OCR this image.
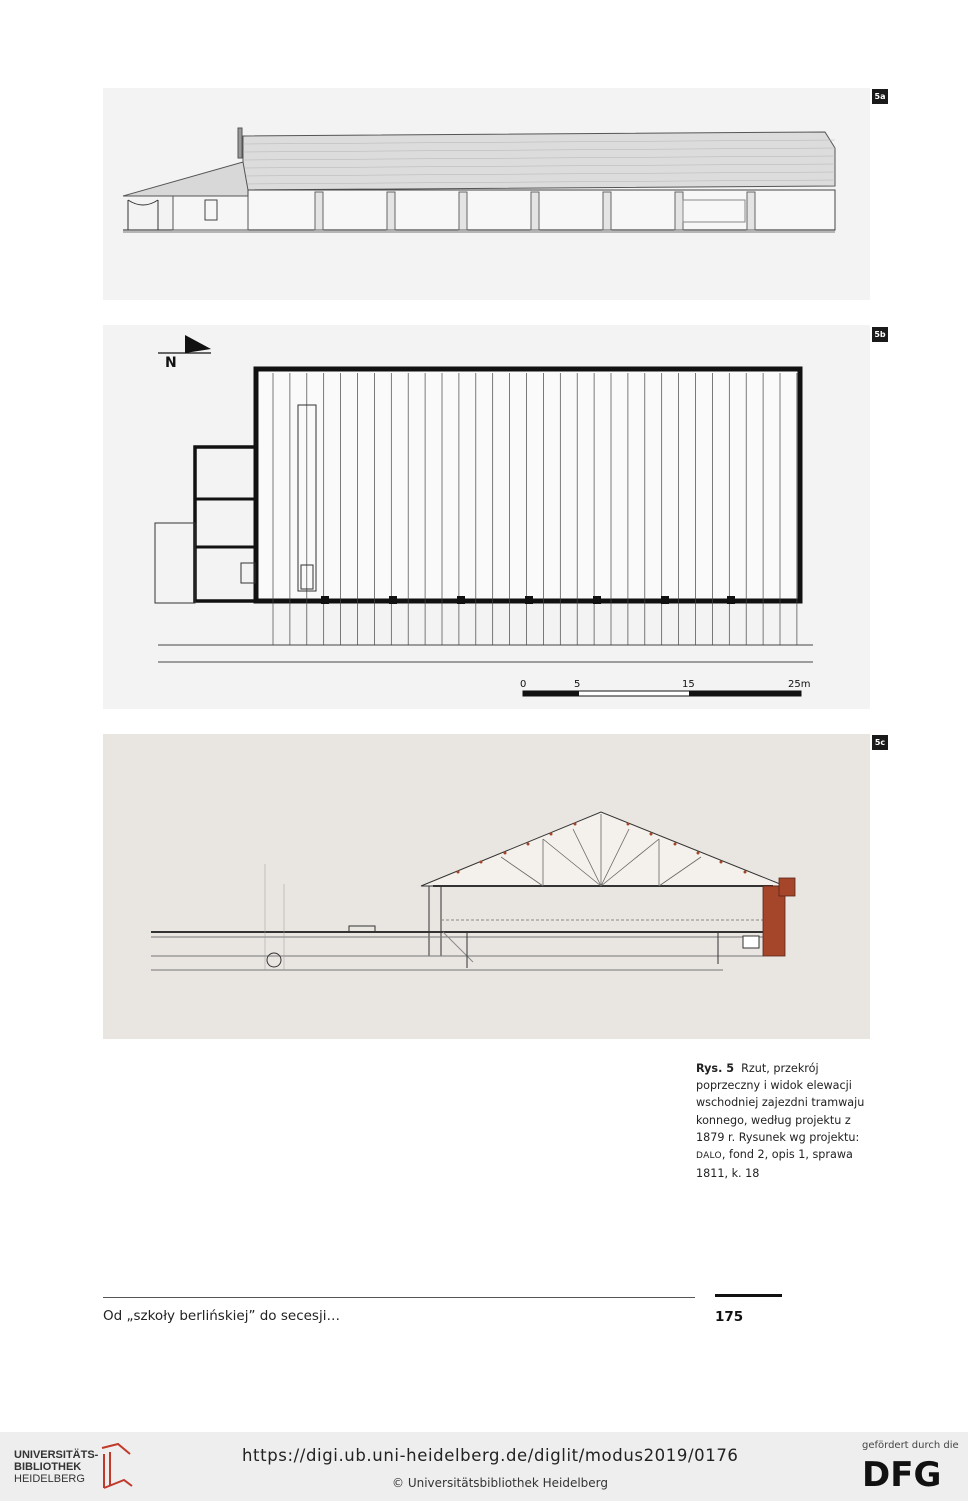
5a
N
0	5	15	25m
5b
5c
Rys. 5 Rzut, przekrój poprzeczny i widok elewacji wschodniej zajezdni tramwaju konnego, według projektu z 1879 r. Rysunek wg projektu: DALO, fond 2, opis 1, sprawa 1811, k. 18
Od „szkoły berlińskiej” do secesji…	175
UNIVERSITÄTS-
BIBLIOTHEK
HEIDELBERG
https://digi.ub.uni-heidelberg.de/diglit/modus2019/0176
© Universitätsbibliothek Heidelberg
gefördert durch die
DFG
